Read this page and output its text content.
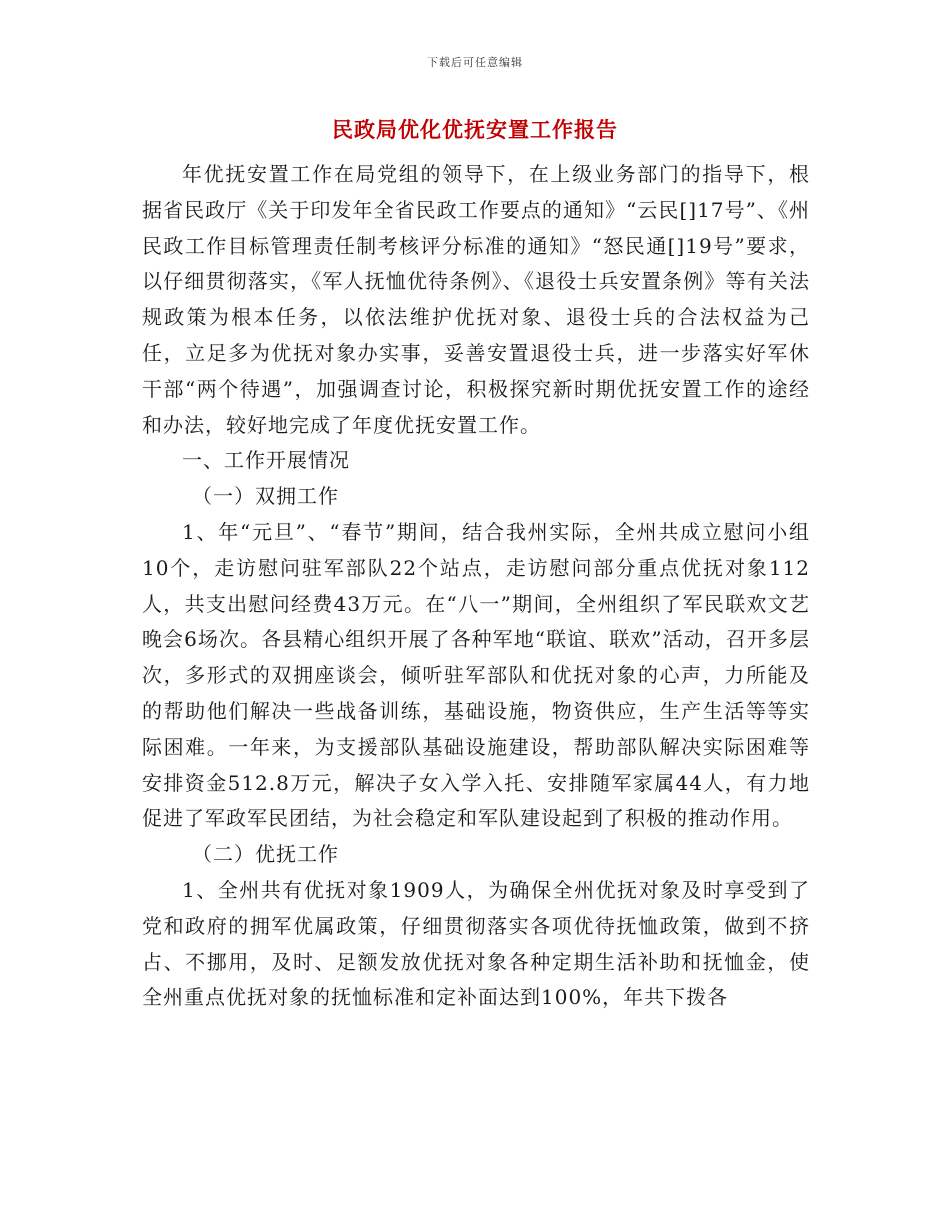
下载后可任意编辑
民政局优化优抚安置工作报告

年优抚安置工作在局党组的领导下，在上级业务部门的指导下，根据省民政厅《关于印发年全省民政工作要点的通知》“云民[]17号”、《州民政工作目标管理责任制考核评分标准的通知》“怒民通[]19号”要求，以仔细贯彻落实，《军人抚恤优待条例》、《退役士兵安置条例》等有关法规政策为根本任务，以依法维护优抚对象、退役士兵的合法权益为己任，立足多为优抚对象办实事，妥善安置退役士兵，进一步落实好军休干部“两个待遇”，加强调查讨论，积极探究新时期优抚安置工作的途经和办法，较好地完成了年度优抚安置工作。

一、工作开展情况

（一）双拥工作

1、年“元旦”、“春节”期间，结合我州实际，全州共成立慰问小组10个，走访慰问驻军部队22个站点，走访慰问部分重点优抚对象112人，共支出慰问经费43万元。在“八一”期间，全州组织了军民联欢文艺晚会6场次。各县精心组织开展了各种军地“联谊、联欢”活动，召开多层次，多形式的双拥座谈会，倾听驻军部队和优抚对象的心声，力所能及的帮助他们解决一些战备训练，基础设施，物资供应，生产生活等等实际困难。一年来，为支援部队基础设施建设，帮助部队解决实际困难等安排资金512.8万元，解决子女入学入托、安排随军家属44人，有力地促进了军政军民团结，为社会稳定和军队建设起到了积极的推动作用。

（二）优抚工作

1、全州共有优抚对象1909人，为确保全州优抚对象及时享受到了党和政府的拥军优属政策，仔细贯彻落实各项优待抚恤政策，做到不挤占、不挪用，及时、足额发放优抚对象各种定期生活补助和抚恤金，使全州重点优抚对象的抚恤标准和定补面达到100%，年共下拨各
